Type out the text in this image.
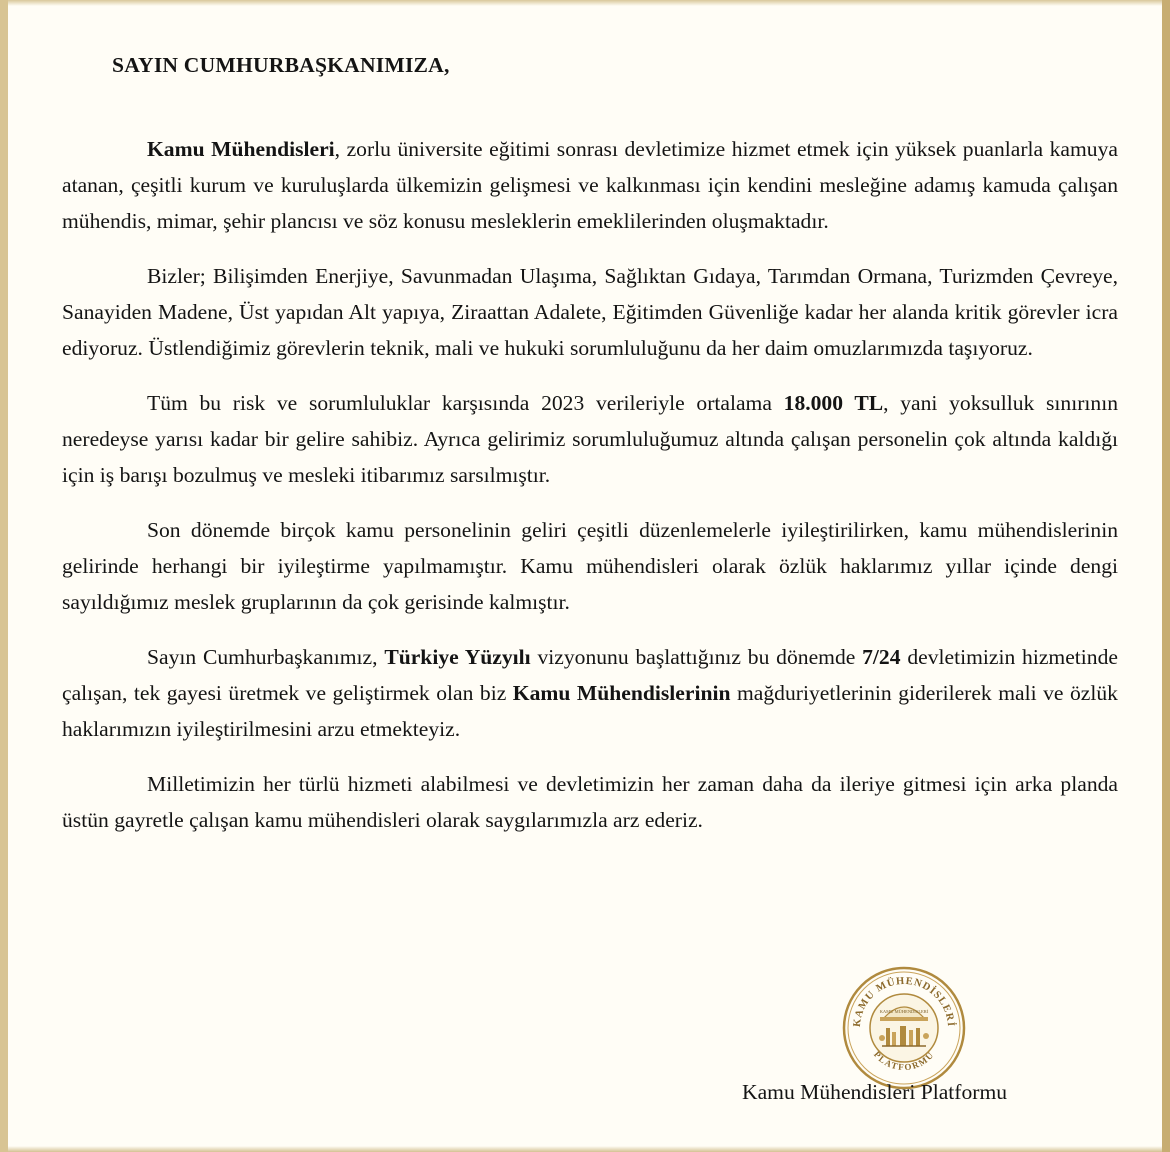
SAYIN CUMHURBAŞKANIMIZA,

Kamu Mühendisleri, zorlu üniversite eğitimi sonrası devletimize hizmet etmek için yüksek puanlarla kamuya atanan, çeşitli kurum ve kuruluşlarda ülkemizin gelişmesi ve kalkınması için kendini mesleğine adamış kamuda çalışan mühendis, mimar, şehir plancısı ve söz konusu mesleklerin emeklilerinden oluşmaktadır.

Bizler; Bilişimden Enerjiye, Savunmadan Ulaşıma, Sağlıktan Gıdaya, Tarımdan Ormana, Turizmden Çevreye, Sanayiden Madene, Üst yapıdan Alt yapıya, Ziraattan Adalete, Eğitimden Güvenliğe kadar her alanda kritik görevler icra ediyoruz. Üstlendiğimiz görevlerin teknik, mali ve hukuki sorumluluğunu da her daim omuzlarımızda taşıyoruz.

Tüm bu risk ve sorumluluklar karşısında 2023 verileriyle ortalama 18.000 TL, yani yoksulluk sınırının neredeyse yarısı kadar bir gelire sahibiz. Ayrıca gelirimiz sorumluluğumuz altında çalışan personelin çok altında kaldığı için iş barışı bozulmuş ve mesleki itibarımız sarsılmıştır.

Son dönemde birçok kamu personelinin geliri çeşitli düzenlemelerle iyileştirilirken, kamu mühendislerinin gelirinde herhangi bir iyileştirme yapılmamıştır. Kamu mühendisleri olarak özlük haklarımız yıllar içinde dengi sayıldığımız meslek gruplarının da çok gerisinde kalmıştır.

Sayın Cumhurbaşkanımız, Türkiye Yüzyılı vizyonunu başlattığınız bu dönemde 7/24 devletimizin hizmetinde çalışan, tek gayesi üretmek ve geliştirmek olan biz Kamu Mühendislerinin mağduriyetlerinin giderilerek mali ve özlük haklarımızın iyileştirilmesini arzu etmekteyiz.

Milletimizin her türlü hizmeti alabilmesi ve devletimizin her zaman daha da ileriye gitmesi için arka planda üstün gayretle çalışan kamu mühendisleri olarak saygılarımızla arz ederiz.

KAMU MÜHENDİSLERİ
PLATFORMU
KAMU MÜHENDİSLERİ
Kamu Mühendisleri Platformu
